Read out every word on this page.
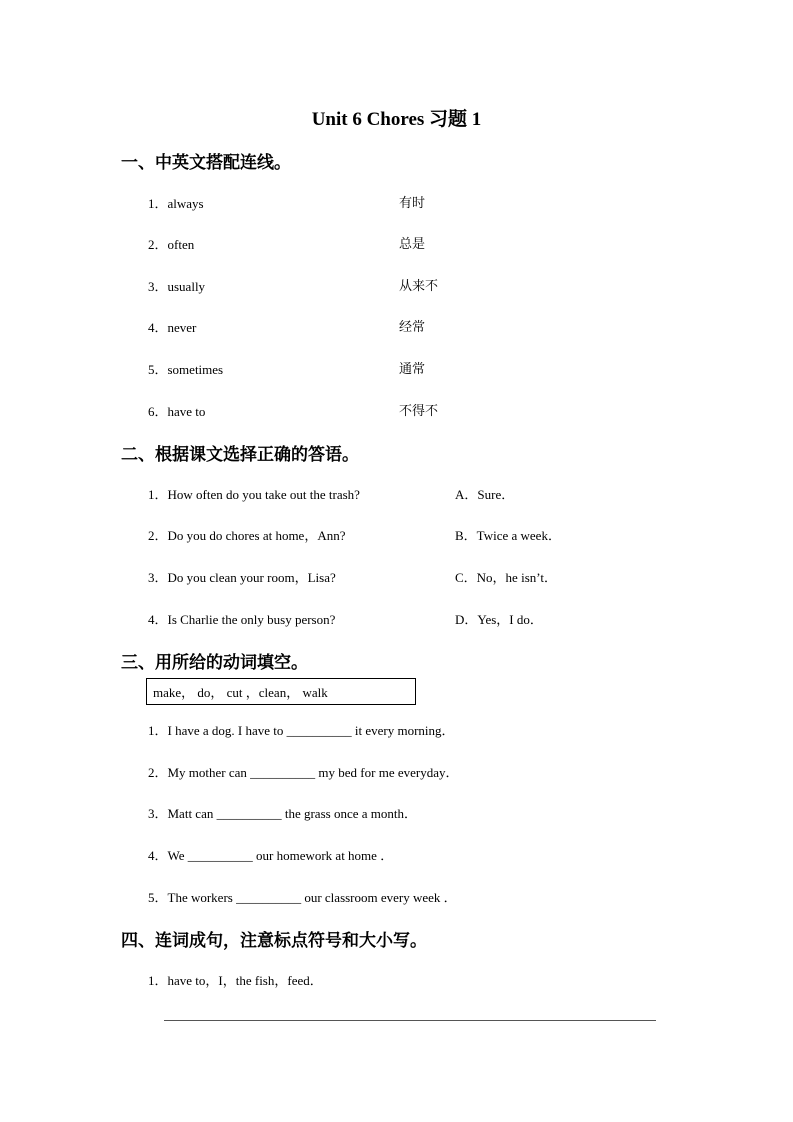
Unit 6 Chores 习题 1
一、中英文搭配连线。
1．always	有时
2．often	总是
3．usually	从来不
4．never	经常
5．sometimes	通常
6．have to	不得不
二、根据课文选择正确的答语。
1．How often do you take out the trash?	A．Sure．
2．Do you do chores at home，Ann?	B．Twice a week．
3．Do you clean your room，Lisa?	C．No，he isn’t．
4．Is Charlie the only busy person?	D．Yes，I do．
三、用所给的动词填空。
make， do， cut ，clean， walk
1．I have a dog. I have to __________ it every morning．
2．My mother can __________ my bed for me everyday．
3．Matt can __________ the grass once a month．
4．We __________ our homework at home ．
5．The workers __________ our classroom every week ．
四、连词成句，注意标点符号和大小写。
1．have to，I，the fish，feed．
